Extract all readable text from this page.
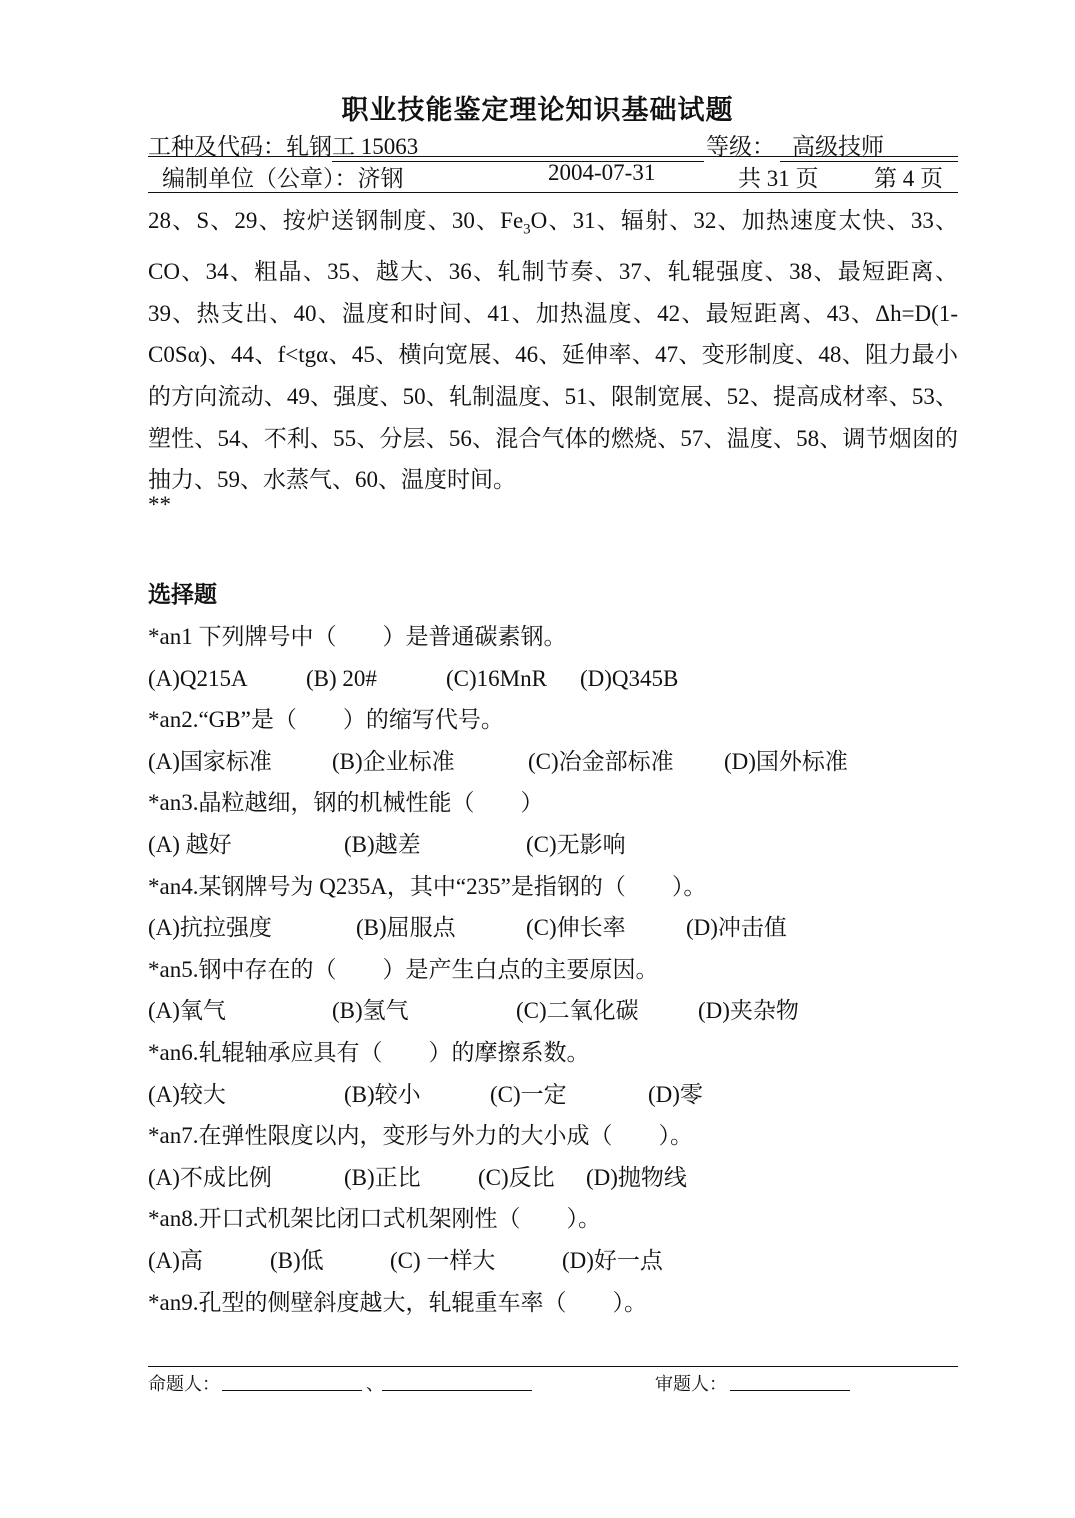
职业技能鉴定理论知识基础试题
工种及代码：轧钢 工 15063	等级： 高级技师
编制单位（公章）：济钢	2004-07-31	共 31 页 第 4 页
28、S、29、按炉送钢制度、30、$Fe_3O$、31、辐射、32、加热速度太快、33、CO、34、粗晶、35、越大、36、轧制节奏、37、轧辊强度、38、最短距离、39、热支出、40、温度和时间、41、加热温度、42、最短距离、43、Δh=D(1-C0Sα)、44、f<tgα、45、横向宽展、46、延伸率、47、变形制度、48、阻力最小的方向流动、49、强度、50、轧制温度、51、限制宽展、52、提高成材率、53、塑性、54、不利、55、分层、56、混合气体的燃烧、57、温度、58、调节烟囱的抽力、59、水蒸气、60、温度时间。
**
选择题
*an1 下列牌号中（　　）是普通碳素钢。
(A)Q215A	(B) 20#	(C)16MnR (D)Q345B
*an2.“GB”是（　　）的缩写代号。
(A)国家标准	(B)企业标准	(C)冶金部标准 (D)国外标准
*an3.晶粒越细，钢的机械性能（　　）
(A) 越好	(B)越差	(C)无影响
*an4.某钢牌号为 Q235A，其中“235”是指钢的（　　）。
(A)抗拉强度	(B)屈服点	(C)伸长率	(D)冲击值
*an5.钢中存在的（　　）是产生白点的主要原因。
(A)氧气	(B)氢气	(C)二氧化碳	(D)夹杂物
*an6.轧辊轴承应具有（　　）的摩擦系数。
(A)较大	(B)较小	(C)一定	(D)零
*an7.在弹性限度以内，变形与外力的大小成（　　）。
(A)不成比例	(B)正比 (C)反比 (D)抛物线
*an8.开口式机架比闭口式机架刚性（　　）。
(A)高	(B)低	(C) 一样大	(D)好一点
*an9.孔型的侧壁斜度越大，轧辊重车率（　　）。
命题人：	、	审题人：
